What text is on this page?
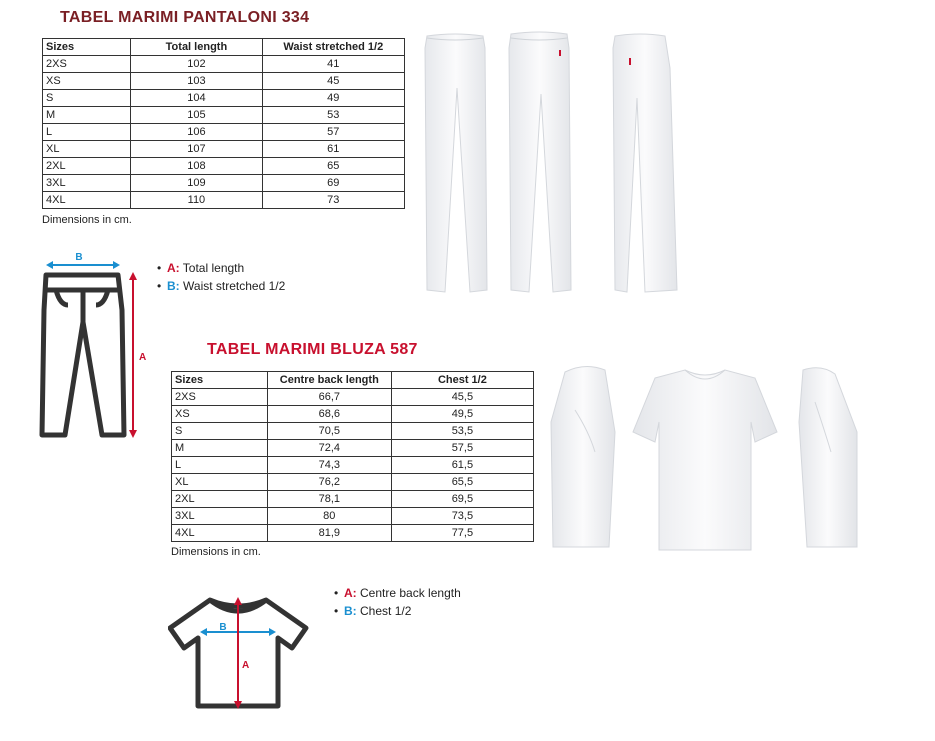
TABEL MARIMI PANTALONI 334
Sizes	Total length	Waist stretched 1/2
2XS	102	41
XS	103	45
S	104	49
M	105	53
L	106	57
XL	107	61
2XL	108	65
3XL	109	69
4XL	110	73
Dimensions in cm.
B
A
• A: Total length
• B: Waist stretched 1/2
TABEL MARIMI BLUZA 587
Sizes	Centre back length	Chest 1/2
2XS	66,7	45,5
XS	68,6	49,5
S	70,5	53,5
M	72,4	57,5
L	74,3	61,5
XL	76,2	65,5
2XL	78,1	69,5
3XL	80	73,5
4XL	81,9	77,5
Dimensions in cm.
B
A
• A: Centre back length
• B: Chest 1/2
